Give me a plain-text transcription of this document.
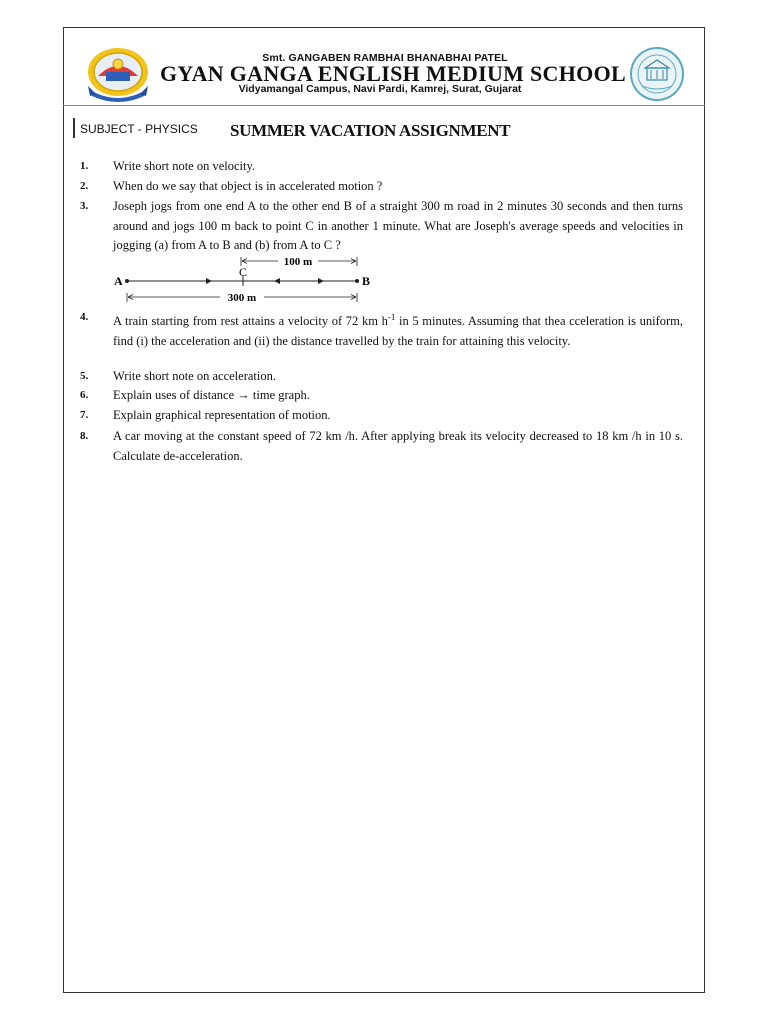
Smt. GANGABEN RAMBHAI BHANABHAI PATEL
GYAN GANGA ENGLISH MEDIUM SCHOOL
Vidyamangal Campus, Navi Pardi, Kamrej, Surat, Gujarat
SUBJECT - PHYSICS SUMMER VACATION ASSIGNMENT
1.	Write short note on velocity.
2.	When do we say that object is in accelerated motion ?
3.	Joseph jogs from one end A to the other end B of a straight 300 m road in 2 minutes 30 seconds and then turns around and jogs 100 m back to point C in another 1 minute. What are Joseph's average speeds and velocities in jogging (a) from A to B and (b) from A to C ?
100 m
C
A	B
300 m
4.	A train starting from rest attains a velocity of 72 km $h^{-1}$ in 5 minutes. Assuming that thea cceleration is uniform, find (i) the acceleration and (ii) the distance travelled by the train for attaining this velocity.
5.	Write short note on acceleration.
6.	Explain uses of distance → time graph.
7.	Explain graphical representation of motion.
8.	A car moving at the constant speed of 72 km /h. After applying break its velocity decreased to 18 km /h in 10 s. Calculate de-acceleration.
